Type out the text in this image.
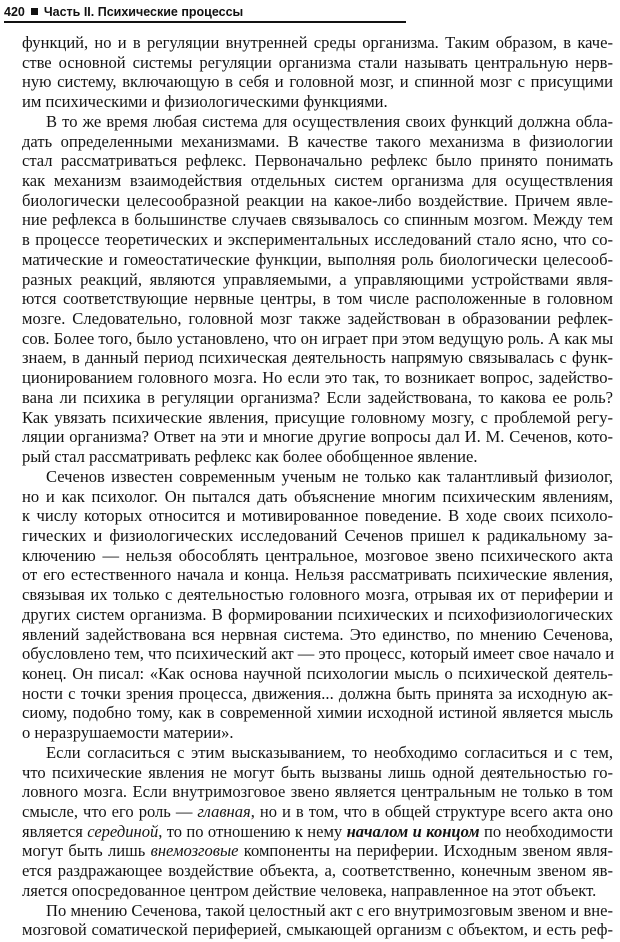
420 Часть II. Психические процессы
функций, но и в регуляции внутренней среды организма. Таким образом, в каче-
стве основной системы регуляции организма стали называть центральную нерв-
ную систему, включающую в себя и головной мозг, и спинной мозг с присущими
им психическими и физиологическими функциями.
В то же время любая система для осуществления своих функций должна обла-
дать определенными механизмами. В качестве такого механизма в физиологии
стал рассматриваться рефлекс. Первоначально рефлекс было принято понимать
как механизм взаимодействия отдельных систем организма для осуществления
биологически целесообразной реакции на какое-либо воздействие. Причем явле-
ние рефлекса в большинстве случаев связывалось со спинным мозгом. Между тем
в процессе теоретических и экспериментальных исследований стало ясно, что со-
матические и гомеостатические функции, выполняя роль биологически целесооб-
разных реакций, являются управляемыми, а управляющими устройствами явля-
ются соответствующие нервные центры, в том числе расположенные в головном
мозге. Следовательно, головной мозг также задействован в образовании рефлек-
сов. Более того, было установлено, что он играет при этом ведущую роль. А как мы
знаем, в данный период психическая деятельность напрямую связывалась с функ-
ционированием головного мозга. Но если это так, то возникает вопрос, задейство-
вана ли психика в регуляции организма? Если задействована, то какова ее роль?
Как увязать психические явления, присущие головному мозгу, с проблемой регу-
ляции организма? Ответ на эти и многие другие вопросы дал И. М. Сеченов, кото-
рый стал рассматривать рефлекс как более обобщенное явление.
Сеченов известен современным ученым не только как талантливый физиолог,
но и как психолог. Он пытался дать объяснение многим психическим явлениям,
к числу которых относится и мотивированное поведение. В ходе своих психоло-
гических и физиологических исследований Сеченов пришел к радикальному за-
ключению — нельзя обособлять центральное, мозговое звено психического акта
от его естественного начала и конца. Нельзя рассматривать психические явления,
связывая их только с деятельностью головного мозга, отрывая их от периферии и
других систем организма. В формировании психических и психофизиологических
явлений задействована вся нервная система. Это единство, по мнению Сеченова,
обусловлено тем, что психический акт — это процесс, который имеет свое начало и
конец. Он писал: «Как основа научной психологии мысль о психической деятель-
ности с точки зрения процесса, движения... должна быть принята за исходную ак-
сиому, подобно тому, как в современной химии исходной истиной является мысль
о неразрушаемости материи».
Если согласиться с этим высказыванием, то необходимо согласиться и с тем,
что психические явления не могут быть вызваны лишь одной деятельностью го-
ловного мозга. Если внутримозговое звено является центральным не только в том
смысле, что его роль — главная, но и в том, что в общей структуре всего акта оно
является серединой, то по отношению к нему началом и концом по необходимости
могут быть лишь внемозговые компоненты на периферии. Исходным звеном явля-
ется раздражающее воздействие объекта, а, соответственно, конечным звеном яв-
ляется опосредованное центром действие человека, направленное на этот объект.
По мнению Сеченова, такой целостный акт с его внутримозговым звеном и вне-
мозговой соматической периферией, смыкающей организм с объектом, и есть реф-
